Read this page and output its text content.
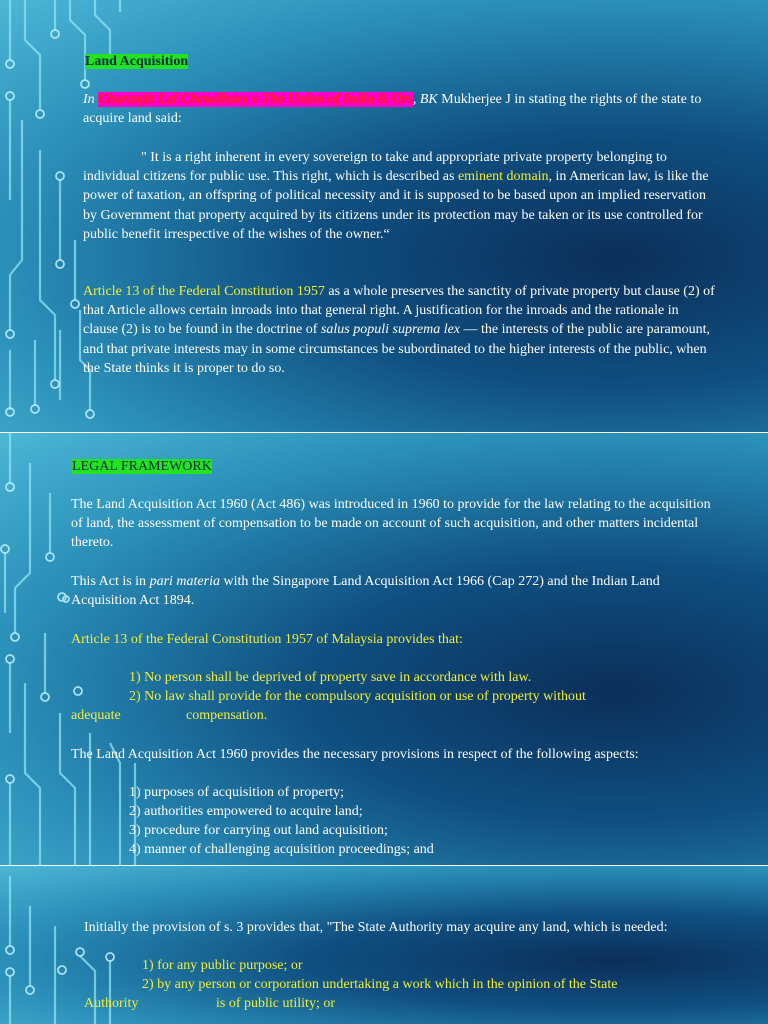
Land Acquisition

In Charanjit Lal Chowdhury v The Union of India & Ors, BK Mukherjee J in stating the rights of the state to acquire land said:

" It is a right inherent in every sovereign to take and appropriate private property belonging to individual citizens for public use. This right, which is described as eminent domain, in American law, is like the power of taxation, an offspring of political necessity and it is supposed to be based upon an implied reservation by Government that property acquired by its citizens under its protection may be taken or its use controlled for public benefit irrespective of the wishes of the owner.“

Article 13 of the Federal Constitution 1957 as a whole preserves the sanctity of private property but clause (2) of that Article allows certain inroads into that general right. A justification for the inroads and the rationale in clause (2) is to be found in the doctrine of salus populi suprema lex — the interests of the public are paramount, and that private interests may in some circumstances be subordinated to the higher interests of the public, when the State thinks it is proper to do so.

LEGAL FRAMEWORK

The Land Acquisition Act 1960 (Act 486) was introduced in 1960 to provide for the law relating to the acquisition of land, the assessment of compensation to be made on account of such acquisition, and other matters incidental thereto.

This Act is in pari materia with the Singapore Land Acquisition Act 1966 (Cap 272) and the Indian Land Acquisition Act 1894.

Article 13 of the Federal Constitution 1957 of Malaysia provides that:

1) No person shall be deprived of property save in accordance with law.

2) No law shall provide for the compulsory acquisition or use of property without

adequate	compensation.

The Land Acquisition Act 1960 provides the necessary provisions in respect of the following aspects:

1) purposes of acquisition of property;

2) authorities empowered to acquire land;

3) procedure for carrying out land acquisition;

4) manner of challenging acquisition proceedings; and

Initially the provision of s. 3 provides that, "The State Authority may acquire any land, which is needed:

1) for any public purpose; or

2) by any person or corporation undertaking a work which in the opinion of the State

Authority	is of public utility; or
